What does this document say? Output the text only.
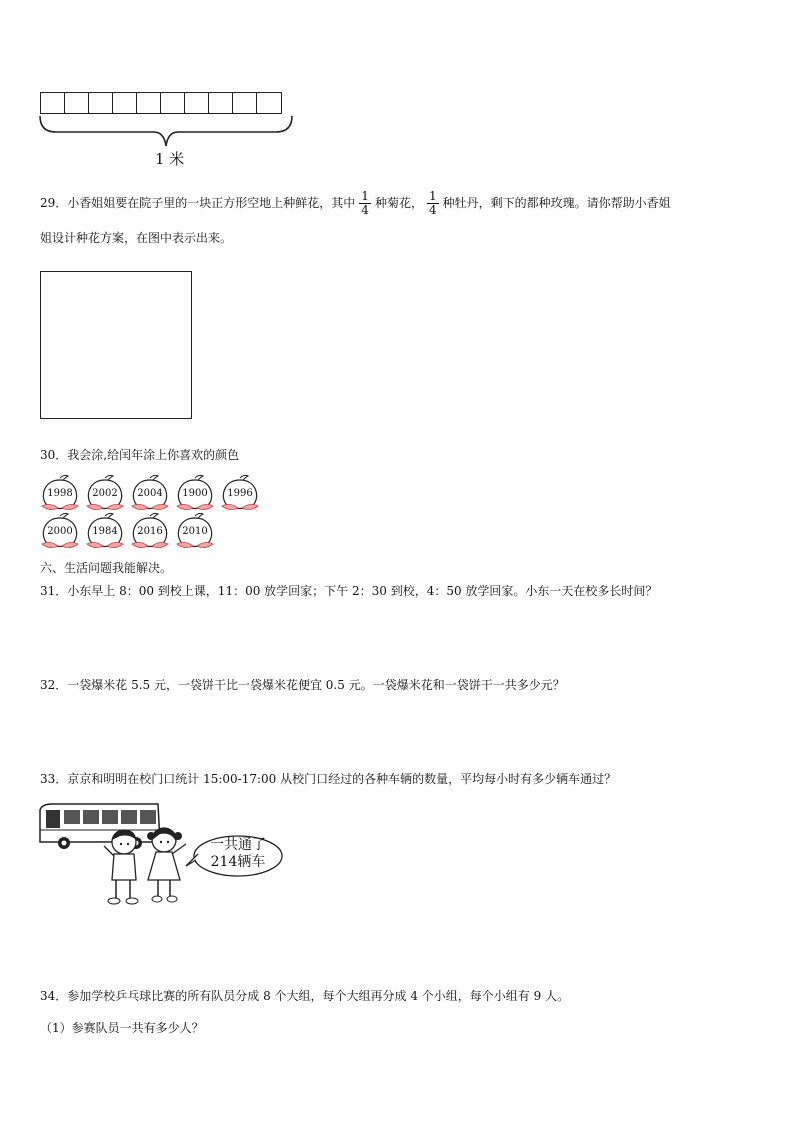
1 米
29．小香姐姐要在院子里的一块正方形空地上种鲜花，其中 $\frac{1}{4}$ 种菊花， $\frac{1}{4}$ 种牡丹，剩下的都种玫瑰。请你帮助小香姐
姐设计种花方案，在图中表示出来。
30．我会涂,给闰年涂上你喜欢的颜色
1998	2002	2004	1900	1996
2000	1984	2016	2010
六、生活问题我能解决。
31．小东早上 8：00 到校上课，11：00 放学回家；下午 2：30 到校，4：50 放学回家。小东一天在校多长时间？
32．一袋爆米花 5.5 元，一袋饼干比一袋爆米花便宜 0.5 元。一袋爆米花和一袋饼干一共多少元？
33．京京和明明在校门口统计 15:00-17:00 从校门口经过的各种车辆的数量，平均每小时有多少辆车通过？
一共通了
214辆车
34．参加学校乒乓球比赛的所有队员分成 8 个大组，每个大组再分成 4 个小组，每个小组有 9 人。
（1）参赛队员一共有多少人？
